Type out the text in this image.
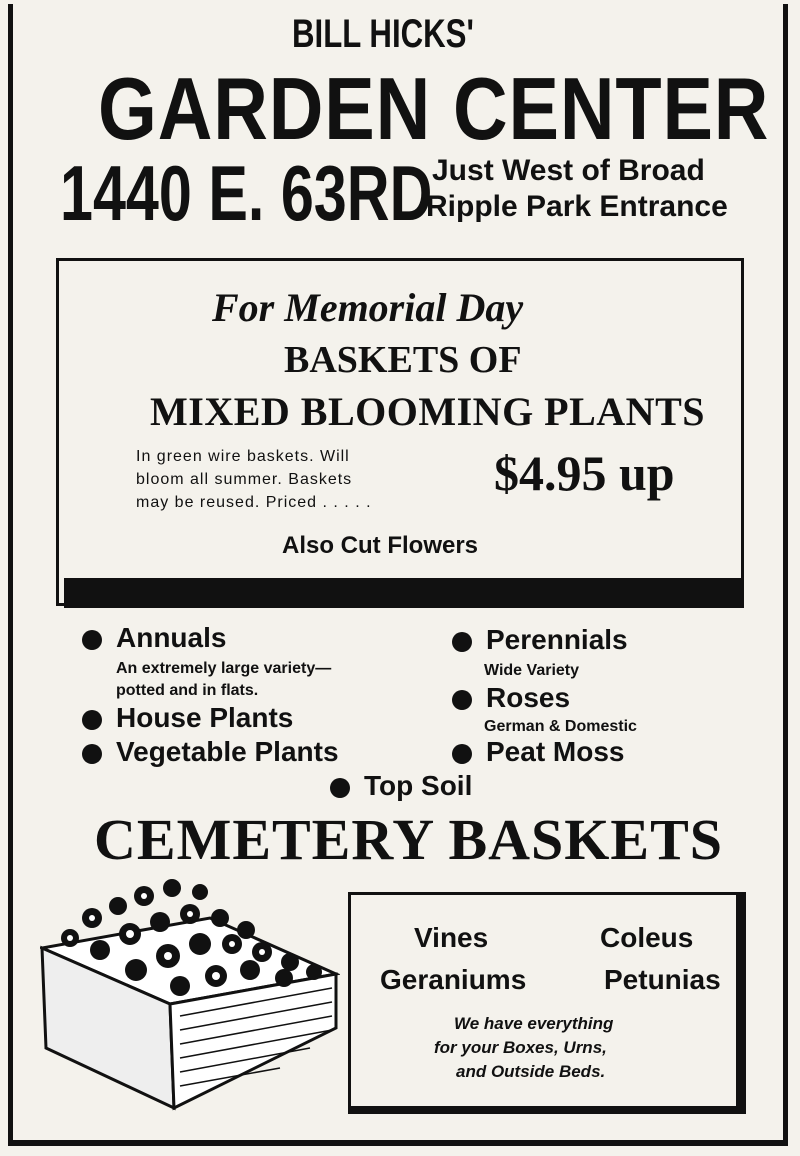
BILL HICKS'
GARDEN CENTER
1440 E. 63RD Just West of Broad
Ripple Park Entrance
For Memorial Day
BASKETS OF
MIXED BLOOMING PLANTS
In green wire baskets. Will
bloom all summer. Baskets
may be reused. Priced . . . . .
$4.95 up
Also Cut Flowers
Annuals
An extremely large variety—
potted and in flats.
House Plants
Vegetable Plants
Perennials
Wide Variety
Roses
German & Domestic
Peat Moss
Top Soil
CEMETERY BASKETS
Vines	Coleus
Geraniums	Petunias
We have everything
for your Boxes, Urns,
and Outside Beds.
